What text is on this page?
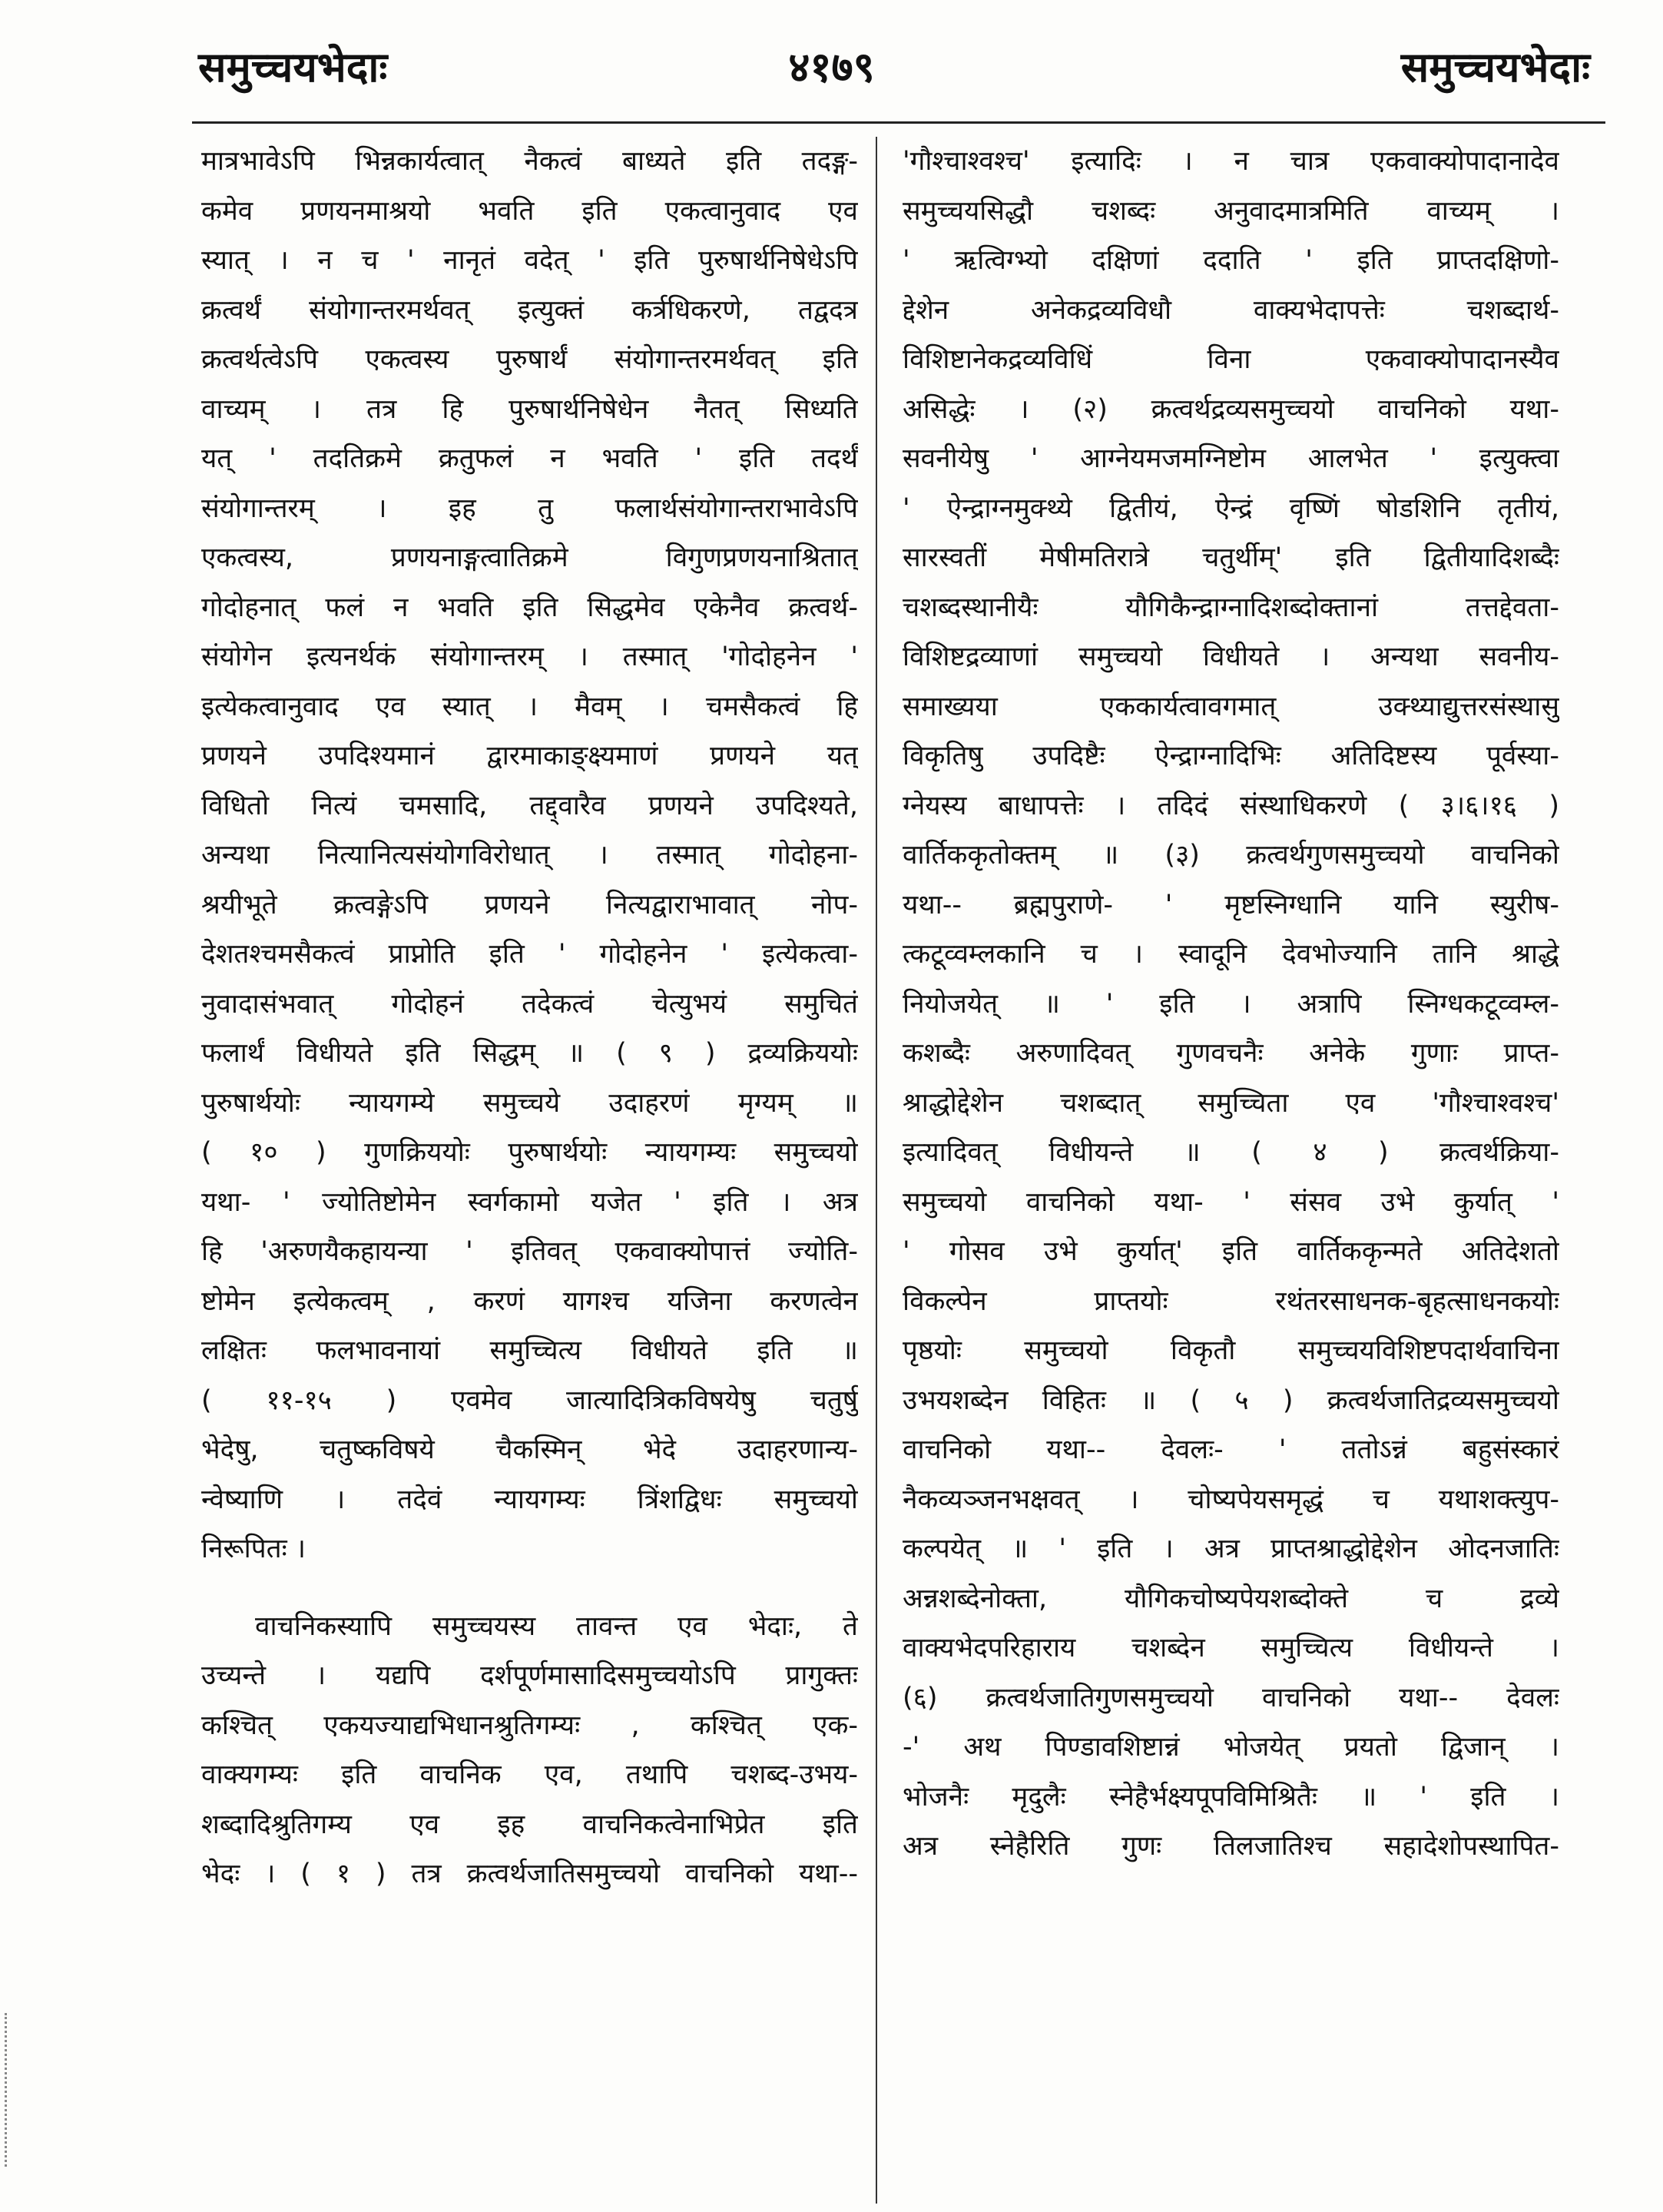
समुच्चयभेदाः	४१७९	समुच्चयभेदाः
मात्रभावेऽपि भिन्नकार्यत्वात् नैकत्वं बाध्यते इति तदङ्ग-
कमेव प्रणयनमाश्रयो भवति इति एकत्वानुवाद एव
स्यात् । न च ' नानृतं वदेत् ' इति पुरुषार्थनिषेधेऽपि
क्रत्वर्थं संयोगान्तरमर्थवत् इत्युक्तं कर्त्रधिकरणे, तद्वदत्र
क्रत्वर्थत्वेऽपि एकत्वस्य पुरुषार्थं संयोगान्तरमर्थवत् इति
वाच्यम् । तत्र हि पुरुषार्थनिषेधेन नैतत् सिध्यति
यत् ' तदतिक्रमे क्रतुफलं न भवति ' इति तदर्थं
संयोगान्तरम् । इह तु फलार्थसंयोगान्तराभावेऽपि
एकत्वस्य, प्रणयनाङ्गत्वातिक्रमे विगुणप्रणयनाश्रितात्
गोदोहनात् फलं न भवति इति सिद्धमेव एकेनैव क्रत्वर्थ-
संयोगेन इत्यनर्थकं संयोगान्तरम् । तस्मात् 'गोदोहनेन '
इत्येकत्वानुवाद एव स्यात् । मैवम् । चमसैकत्वं हि
प्रणयने उपदिश्यमानं द्वारमाकाङ्क्ष्यमाणं प्रणयने यत्
विधितो नित्यं चमसादि, तद्द्वारैव प्रणयने उपदिश्यते,
अन्यथा नित्यानित्यसंयोगविरोधात् । तस्मात् गोदोहना-
श्रयीभूते क्रत्वङ्गेऽपि प्रणयने नित्यद्वाराभावात् नोप-
देशतश्चमसैकत्वं प्राप्नोति इति ' गोदोहनेन ' इत्येकत्वा-
नुवादासंभवात् गोदोहनं तदेकत्वं चेत्युभयं समुचितं
फलार्थं विधीयते इति सिद्धम् ॥ ( ९ ) द्रव्यक्रिययोः
पुरुषार्थयोः न्यायगम्ये समुच्चये उदाहरणं मृग्यम् ॥
( १० ) गुणक्रिययोः पुरुषार्थयोः न्यायगम्यः समुच्चयो
यथा- ' ज्योतिष्टोमेन स्वर्गकामो यजेत ' इति । अत्र
हि 'अरुणयैकहायन्या ' इतिवत् एकवाक्योपात्तं ज्योति-
ष्टोमेन इत्येकत्वम् , करणं यागश्च यजिना करणत्वेन
लक्षितः फलभावनायां समुच्चित्य विधीयते इति ॥
( ११-१५ ) एवमेव जात्यादित्रिकविषयेषु चतुर्षु
भेदेषु, चतुष्कविषये चैकस्मिन् भेदे उदाहरणान्य-
न्वेष्याणि । तदेवं न्यायगम्यः त्रिंशद्विधः समुच्चयो
निरूपितः ।
वाचनिकस्यापि समुच्चयस्य तावन्त एव भेदाः, ते
उच्यन्ते । यद्यपि दर्शपूर्णमासादिसमुच्चयोऽपि प्रागुक्तः
कश्चित् एकयज्याद्यभिधानश्रुतिगम्यः , कश्चित् एक-
वाक्यगम्यः इति वाचनिक एव, तथापि चशब्द-उभय-
शब्दादिश्रुतिगम्य एव इह वाचनिकत्वेनाभिप्रेत इति
भेदः । ( १ ) तत्र क्रत्वर्थजातिसमुच्चयो वाचनिको यथा--
'गौश्चाश्वश्च' इत्यादिः । न चात्र एकवाक्योपादानादेव
समुच्चयसिद्धौ चशब्दः अनुवादमात्रमिति वाच्यम् ।
' ऋत्विग्भ्यो दक्षिणां ददाति ' इति प्राप्तदक्षिणो-
द्देशेन अनेकद्रव्यविधौ वाक्यभेदापत्तेः चशब्दार्थ-
विशिष्टानेकद्रव्यविधिं विना एकवाक्योपादानस्यैव
असिद्धेः । (२) क्रत्वर्थद्रव्यसमुच्चयो वाचनिको यथा-
सवनीयेषु ' आग्नेयमजमग्निष्टोम आलभेत ' इत्युक्त्वा
' ऐन्द्राग्नमुक्थ्ये द्वितीयं, ऐन्द्रं वृष्णिं षोडशिनि तृतीयं,
सारस्वतीं मेषीमतिरात्रे चतुर्थीम्' इति द्वितीयादिशब्दैः
चशब्दस्थानीयैः यौगिकैन्द्राग्नादिशब्दोक्तानां तत्तद्देवता-
विशिष्टद्रव्याणां समुच्चयो विधीयते । अन्यथा सवनीय-
समाख्यया एककार्यत्वावगमात् उक्थ्याद्युत्तरसंस्थासु
विकृतिषु उपदिष्टैः ऐन्द्राग्नादिभिः अतिदिष्टस्य पूर्वस्या-
ग्नेयस्य बाधापत्तेः । तदिदं संस्थाधिकरणे ( ३।६।१६ )
वार्तिककृतोक्तम् ॥ (३) क्रत्वर्थगुणसमुच्चयो वाचनिको
यथा-- ब्रह्मपुराणे- ' मृष्टस्निग्धानि यानि स्युरीष-
त्कटूव्वम्लकानि च । स्वादूनि देवभोज्यानि तानि श्राद्धे
नियोजयेत् ॥ ' इति । अत्रापि स्निग्धकटूव्वम्ल-
कशब्दैः अरुणादिवत् गुणवचनैः अनेके गुणाः प्राप्त-
श्राद्धोद्देशेन चशब्दात् समुच्चिता एव 'गौश्चाश्वश्च'
इत्यादिवत् विधीयन्ते ॥ ( ४ ) क्रत्वर्थक्रिया-
समुच्चयो वाचनिको यथा- ' संसव उभे कुर्यात् '
' गोसव उभे कुर्यात्' इति वार्तिककृन्मते अतिदेशतो
विकल्पेन प्राप्तयोः रथंतरसाधनक-बृहत्साधनकयोः
पृष्ठयोः समुच्चयो विकृतौ समुच्चयविशिष्टपदार्थवाचिना
उभयशब्देन विहितः ॥ ( ५ ) क्रत्वर्थजातिद्रव्यसमुच्चयो
वाचनिको यथा-- देवलः- ' ततोऽन्नं बहुसंस्कारं
नैकव्यञ्जनभक्षवत् । चोष्यपेयसमृद्धं च यथाशक्त्युप-
कल्पयेत् ॥ ' इति । अत्र प्राप्तश्राद्धोद्देशेन ओदनजातिः
अन्नशब्देनोक्ता, यौगिकचोष्यपेयशब्दोक्ते च द्रव्ये
वाक्यभेदपरिहाराय चशब्देन समुच्चित्य विधीयन्ते ।
(६) क्रत्वर्थजातिगुणसमुच्चयो वाचनिको यथा-- देवलः
-' अथ पिण्डावशिष्टान्नं भोजयेत् प्रयतो द्विजान् ।
भोजनैः मृदुलैः स्नेहैर्भक्ष्यपूपविमिश्रितैः ॥ ' इति ।
अत्र स्नेहैरिति गुणः तिलजातिश्च सहादेशोपस्थापित-
